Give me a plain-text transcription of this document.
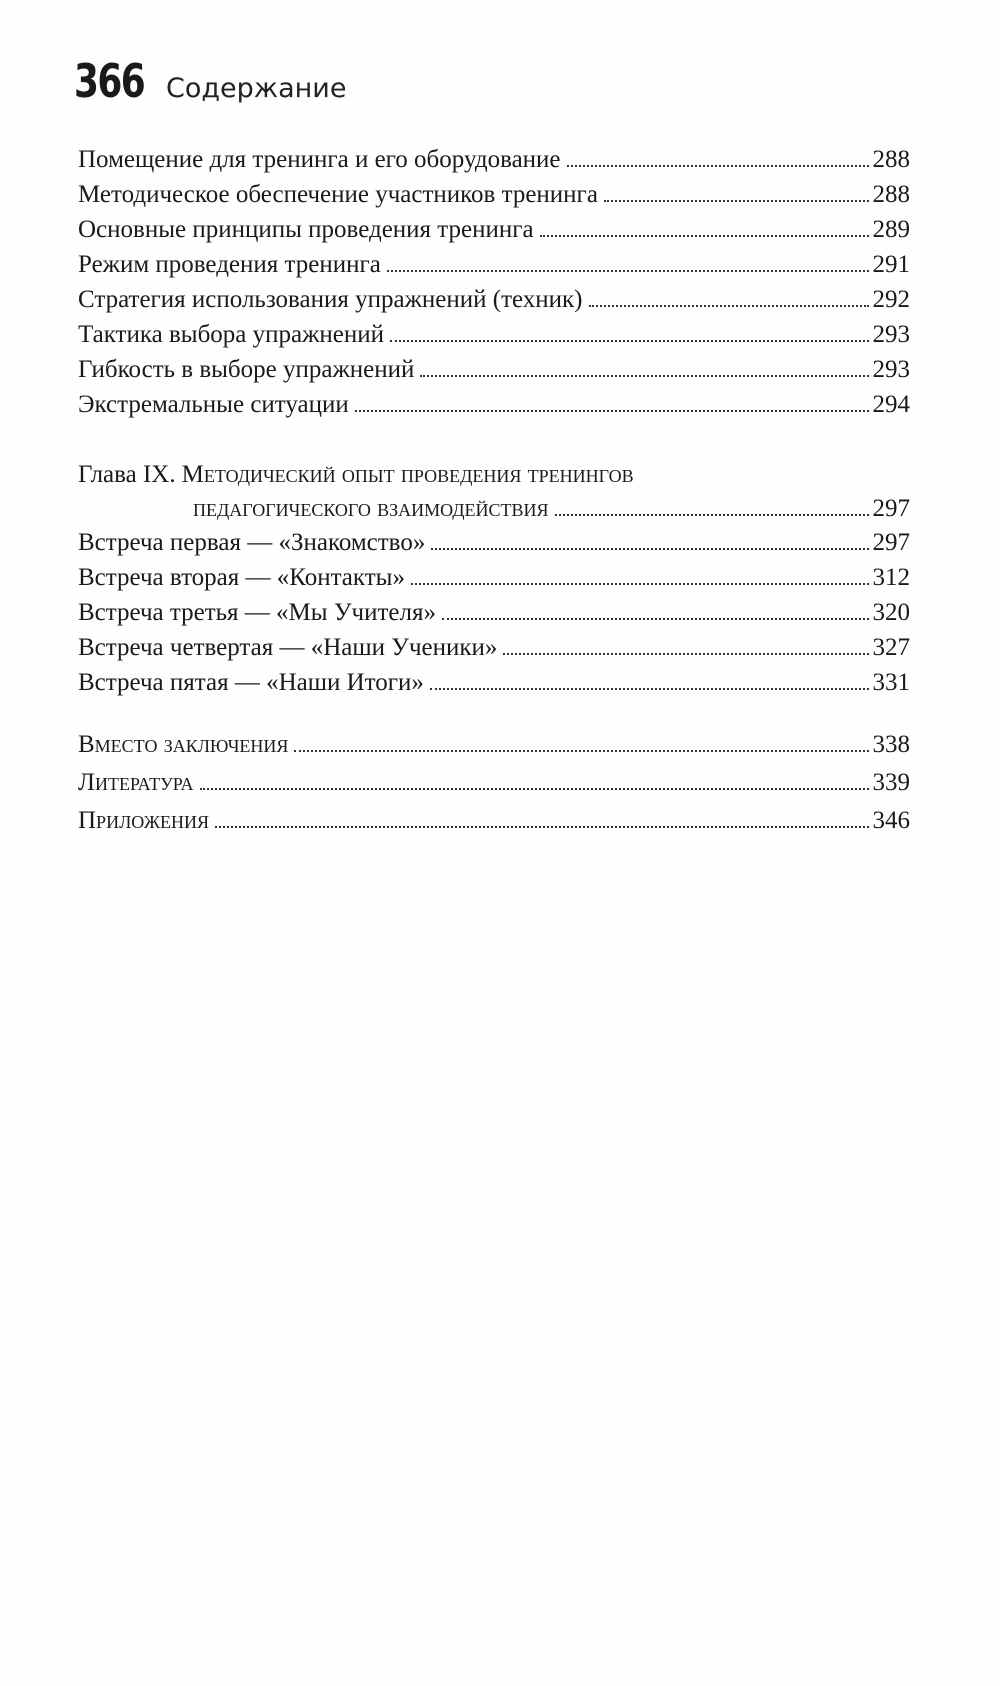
366 Содержание
Помещение для тренинга и его оборудование	288
Методическое обеспечение участников тренинга	288
Основные принципы проведения тренинга	289
Режим проведения тренинга	291
Стратегия использования упражнений (техник)	292
Тактика выбора упражнений	293
Гибкость в выборе упражнений	293
Экстремальные ситуации	294
Глава IX. Методический опыт проведения тренингов
педагогического взаимодействия	297
Встреча первая — «Знакомство»	297
Встреча вторая — «Контакты»	312
Встреча третья — «Мы Учителя»	320
Встреча четвертая — «Наши Ученики»	327
Встреча пятая — «Наши Итоги»	331
Вместо заключения	338
Литература	339
Приложения	346
